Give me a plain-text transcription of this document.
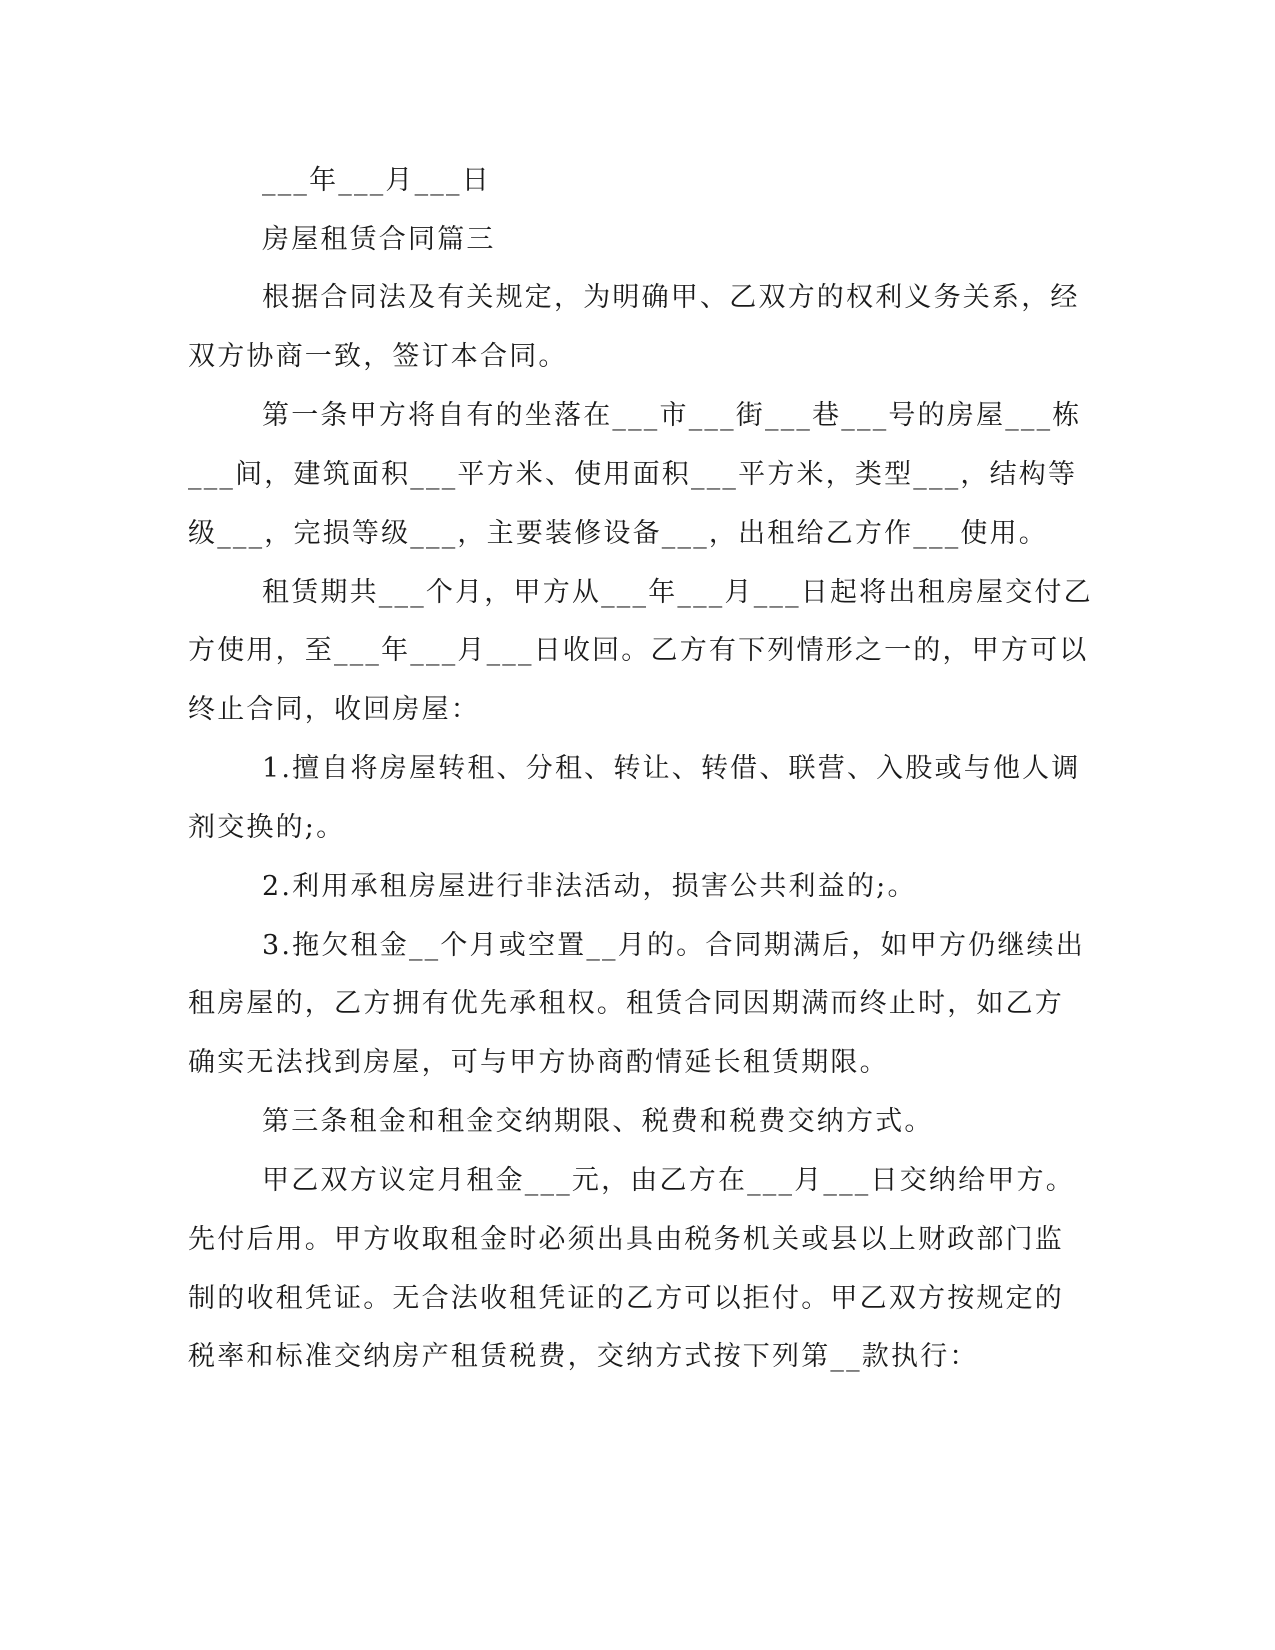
___年___月___日
房屋租赁合同篇三
根据合同法及有关规定，为明确甲、乙双方的权利义务关系，经
双方协商一致，签订本合同。
第一条甲方将自有的坐落在___市___街___巷___号的房屋___栋
___间，建筑面积___平方米、使用面积___平方米，类型___，结构等
级___，完损等级___，主要装修设备___，出租给乙方作___使用。
租赁期共___个月，甲方从___年___月___日起将出租房屋交付乙
方使用，至___年___月___日收回。乙方有下列情形之一的，甲方可以
终止合同，收回房屋：
1.擅自将房屋转租、分租、转让、转借、联营、入股或与他人调
剂交换的;。
2.利用承租房屋进行非法活动，损害公共利益的;。
3.拖欠租金__个月或空置__月的。合同期满后，如甲方仍继续出
租房屋的，乙方拥有优先承租权。租赁合同因期满而终止时，如乙方
确实无法找到房屋，可与甲方协商酌情延长租赁期限。
第三条租金和租金交纳期限、税费和税费交纳方式。
甲乙双方议定月租金___元，由乙方在___月___日交纳给甲方。
先付后用。甲方收取租金时必须出具由税务机关或县以上财政部门监
制的收租凭证。无合法收租凭证的乙方可以拒付。甲乙双方按规定的
税率和标准交纳房产租赁税费，交纳方式按下列第__款执行：
